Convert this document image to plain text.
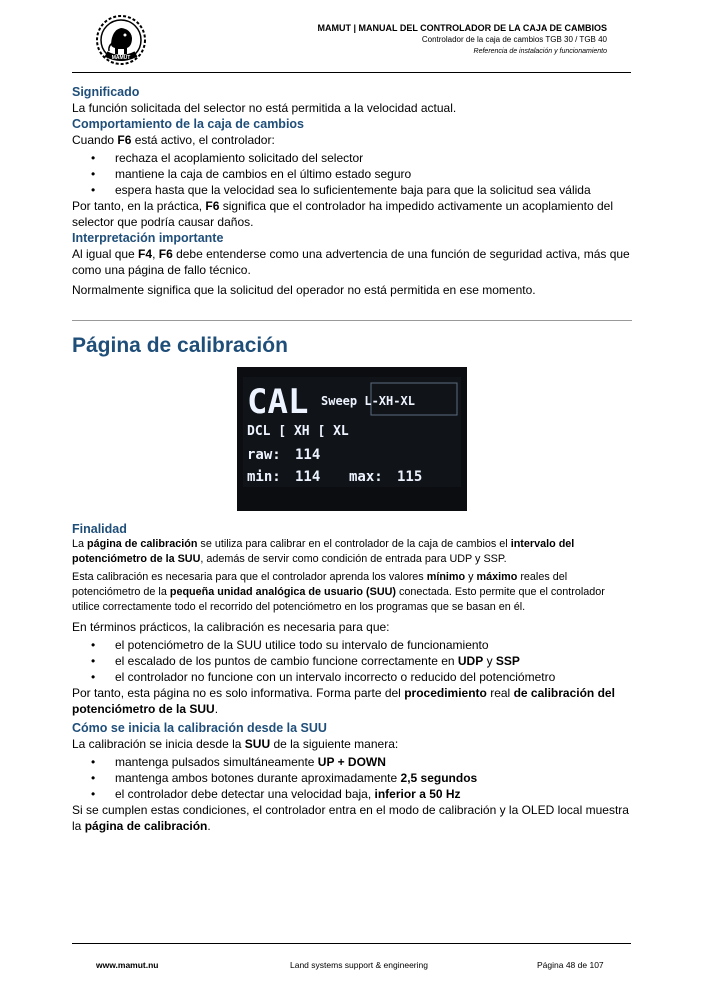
MAMUT
MAMUT | MANUAL DEL CONTROLADOR DE LA CAJA DE CAMBIOS
Controlador de la caja de cambios TGB 30 / TGB 40
Referencia de instalación y funcionamiento
Significado

La función solicitada del selector no está permitida a la velocidad actual.

Comportamiento de la caja de cambios

Cuando F6 está activo, el controlador:

• rechaza el acoplamiento solicitado del selector
• mantiene la caja de cambios en el último estado seguro
• espera hasta que la velocidad sea lo suficientemente baja para que la solicitud sea válida

Por tanto, en la práctica, F6 significa que el controlador ha impedido activamente un acoplamiento del selector que podría causar daños.

Interpretación importante

Al igual que F4, F6 debe entenderse como una advertencia de una función de seguridad activa, más que como una página de fallo técnico.

Normalmente significa que la solicitud del operador no está permitida en ese momento.

Página de calibración
CAL Sweep L-XH-XL
DCL [ XH [ XL
raw: 114
min: 114 max: 115
Finalidad

La página de calibración se utiliza para calibrar en el controlador de la caja de cambios el intervalo del potenciómetro de la SUU, además de servir como condición de entrada para UDP y SSP.

Esta calibración es necesaria para que el controlador aprenda los valores mínimo y máximo reales del potenciómetro de la pequeña unidad analógica de usuario (SUU) conectada. Esto permite que el controlador utilice correctamente todo el recorrido del potenciómetro en los programas que se basan en él.

En términos prácticos, la calibración es necesaria para que:

• el potenciómetro de la SUU utilice todo su intervalo de funcionamiento
• el escalado de los puntos de cambio funcione correctamente en UDP y SSP
• el controlador no funcione con un intervalo incorrecto o reducido del potenciómetro

Por tanto, esta página no es solo informativa. Forma parte del procedimiento real de calibración del potenciómetro de la SUU.

Cómo se inicia la calibración desde la SUU

La calibración se inicia desde la SUU de la siguiente manera:

• mantenga pulsados simultáneamente UP + DOWN
• mantenga ambos botones durante aproximadamente 2,5 segundos
• el controlador debe detectar una velocidad baja, inferior a 50 Hz

Si se cumplen estas condiciones, el controlador entra en el modo de calibración y la OLED local muestra la página de calibración.

www.mamut.nu	Land systems support & engineering	Página 48 de 107
